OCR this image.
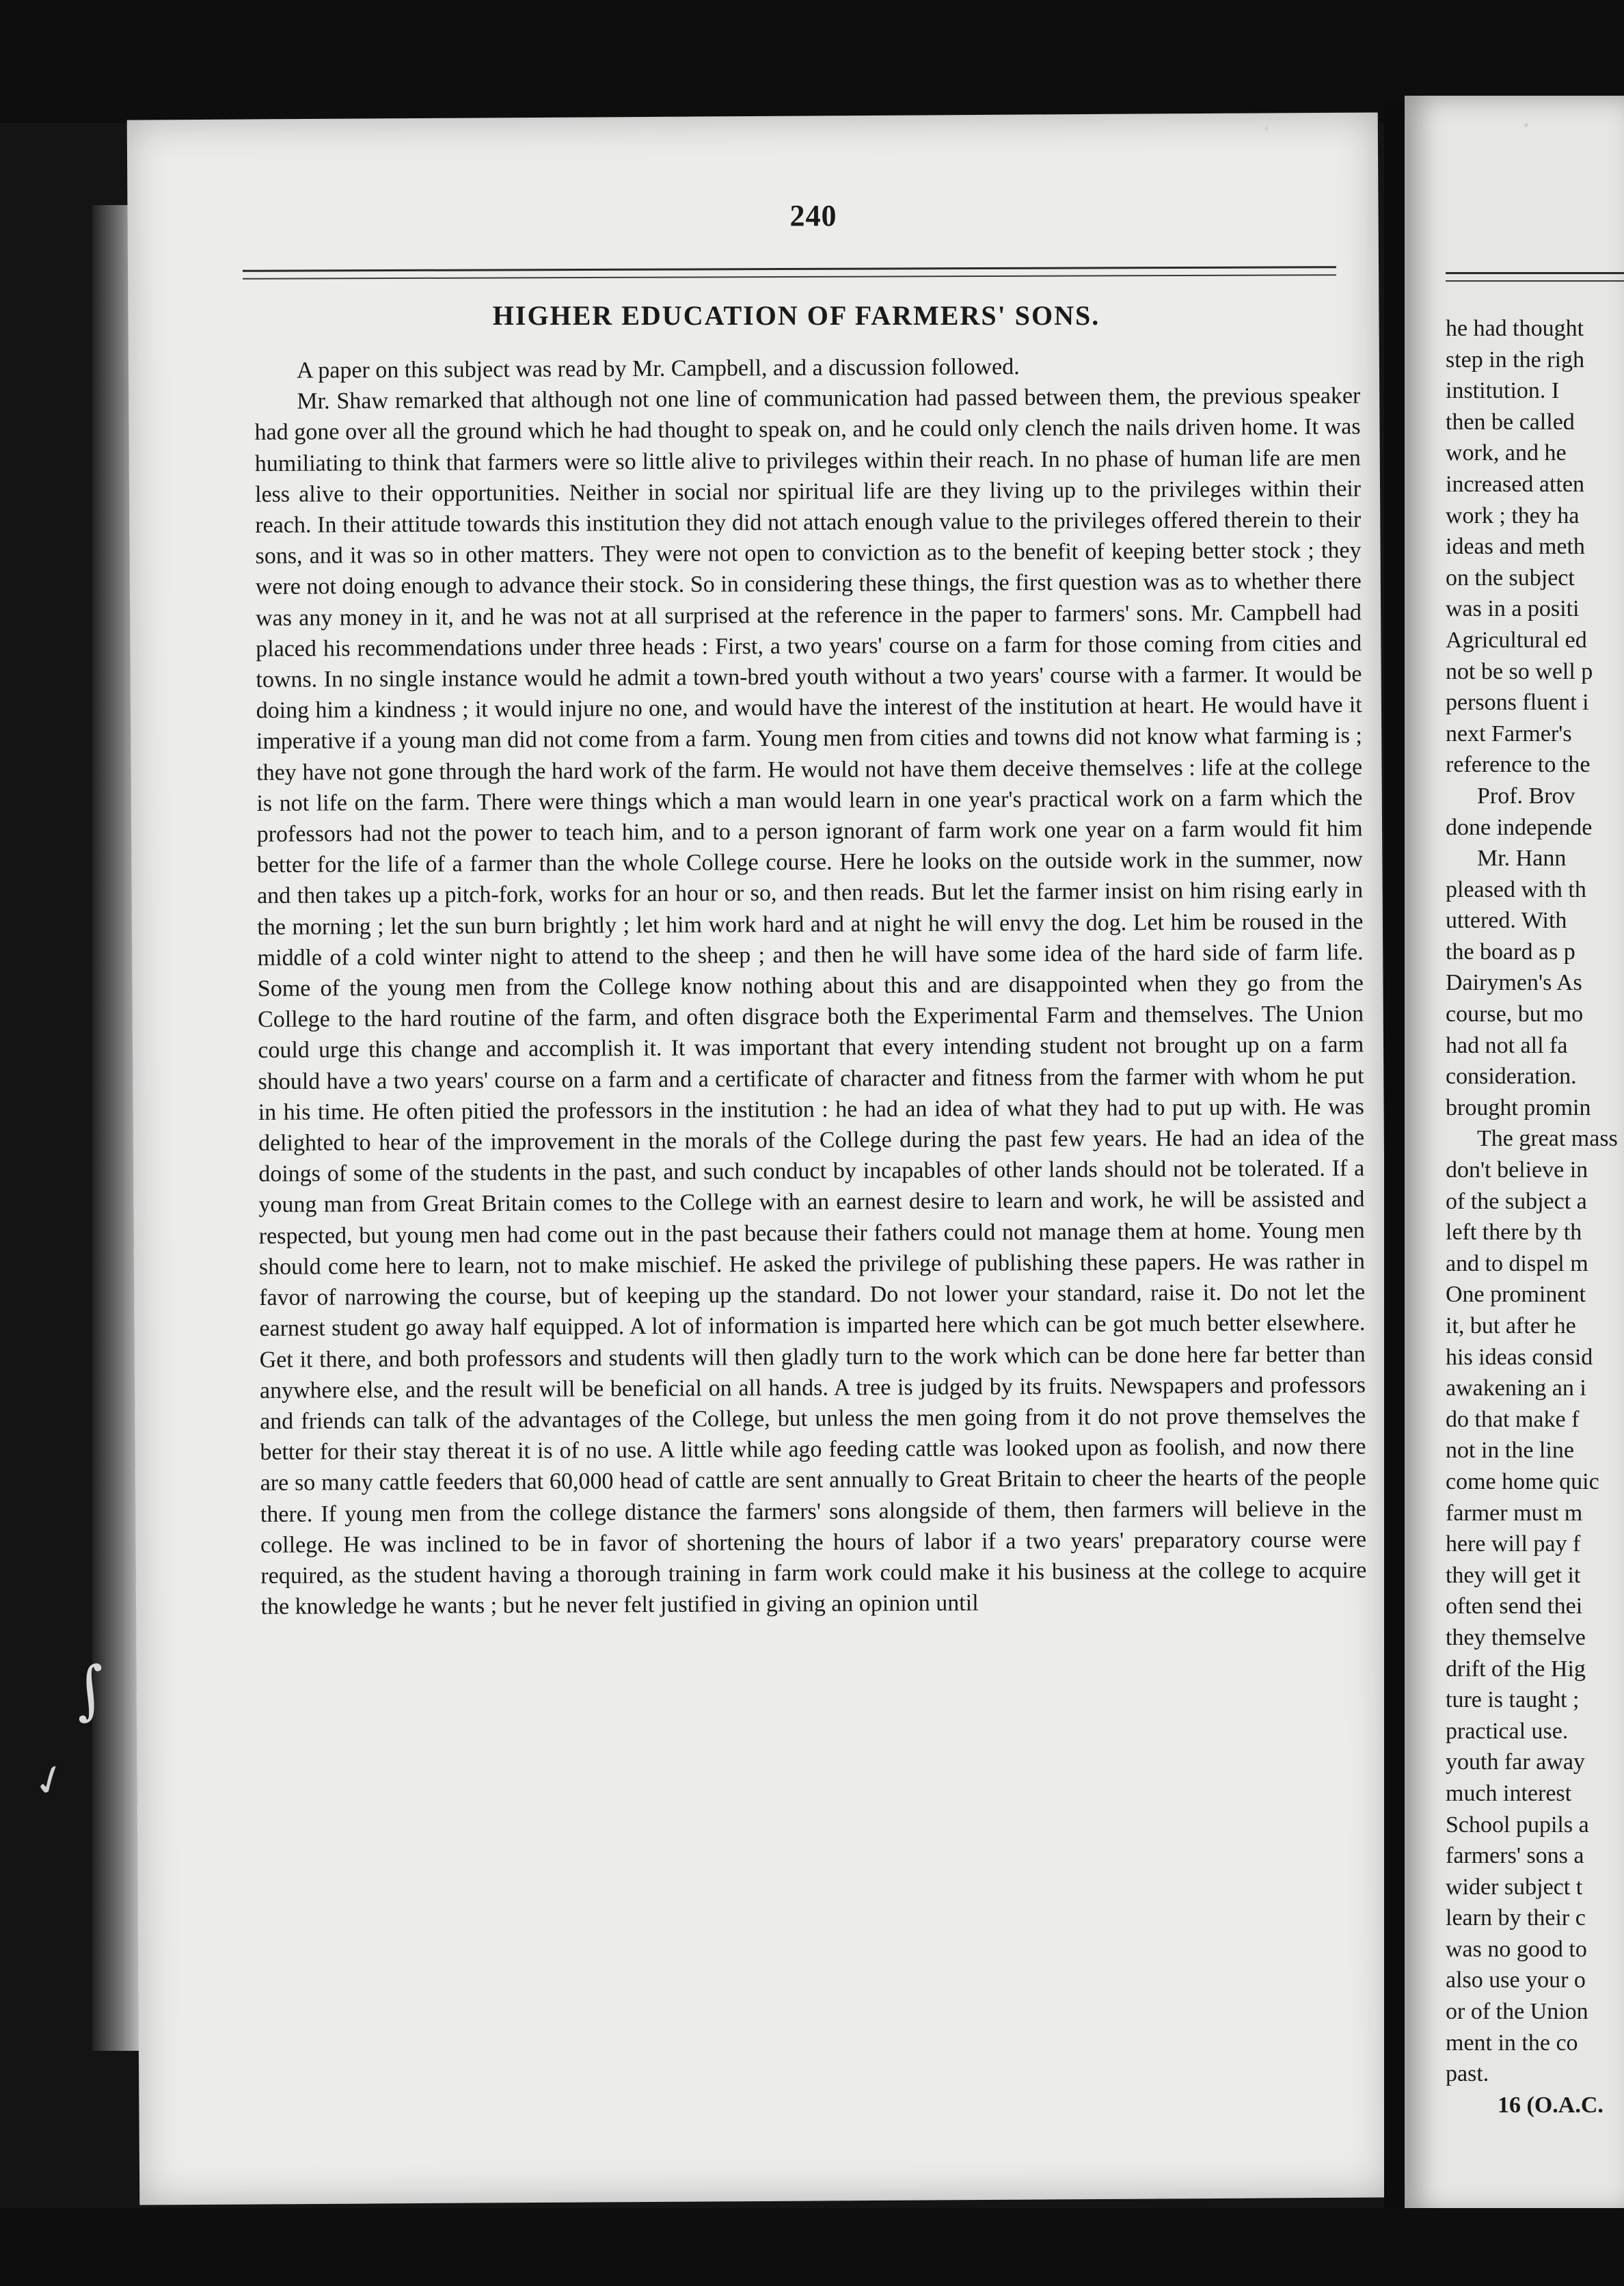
240
HIGHER EDUCATION OF FARMERS' SONS.

A paper on this subject was read by Mr. Campbell, and a discussion followed.

Mr. Shaw remarked that although not one line of communication had passed between them, the previous speaker had gone over all the ground which he had thought to speak on, and he could only clench the nails driven home. It was humiliating to think that farmers were so little alive to privileges within their reach. In no phase of human life are men less alive to their opportunities. Neither in social nor spiritual life are they living up to the privileges within their reach. In their attitude towards this institution they did not attach enough value to the privileges offered therein to their sons, and it was so in other matters. They were not open to conviction as to the benefit of keeping better stock ; they were not doing enough to advance their stock. So in considering these things, the first question was as to whether there was any money in it, and he was not at all surprised at the reference in the paper to farmers' sons. Mr. Campbell had placed his recommendations under three heads : First, a two years' course on a farm for those coming from cities and towns. In no single instance would he admit a town-bred youth without a two years' course with a farmer. It would be doing him a kindness ; it would injure no one, and would have the interest of the institution at heart. He would have it imperative if a young man did not come from a farm. Young men from cities and towns did not know what farming is ; they have not gone through the hard work of the farm. He would not have them deceive themselves : life at the college is not life on the farm. There were things which a man would learn in one year's practical work on a farm which the professors had not the power to teach him, and to a person ignorant of farm work one year on a farm would fit him better for the life of a farmer than the whole College course. Here he looks on the outside work in the summer, now and then takes up a pitch-fork, works for an hour or so, and then reads. But let the farmer insist on him rising early in the morning ; let the sun burn brightly ; let him work hard and at night he will envy the dog. Let him be roused in the middle of a cold winter night to attend to the sheep ; and then he will have some idea of the hard side of farm life. Some of the young men from the College know nothing about this and are disappointed when they go from the College to the hard routine of the farm, and often disgrace both the Experimental Farm and themselves. The Union could urge this change and accomplish it. It was important that every intending student not brought up on a farm should have a two years' course on a farm and a certificate of character and fitness from the farmer with whom he put in his time. He often pitied the professors in the institution : he had an idea of what they had to put up with. He was delighted to hear of the improvement in the morals of the College during the past few years. He had an idea of the doings of some of the students in the past, and such conduct by incapables of other lands should not be tolerated. If a young man from Great Britain comes to the College with an earnest desire to learn and work, he will be assisted and respected, but young men had come out in the past because their fathers could not manage them at home. Young men should come here to learn, not to make mischief. He asked the privilege of publishing these papers. He was rather in favor of narrowing the course, but of keeping up the standard. Do not lower your standard, raise it. Do not let the earnest student go away half equipped. A lot of information is imparted here which can be got much better elsewhere. Get it there, and both professors and students will then gladly turn to the work which can be done here far better than anywhere else, and the result will be beneficial on all hands. A tree is judged by its fruits. Newspapers and professors and friends can talk of the advantages of the College, but unless the men going from it do not prove themselves the better for their stay thereat it is of no use. A little while ago feeding cattle was looked upon as foolish, and now there are so many cattle feeders that 60,000 head of cattle are sent annually to Great Britain to cheer the hearts of the people there. If young men from the college distance the farmers' sons alongside of them, then farmers will believe in the college. He was inclined to be in favor of shortening the hours of labor if a two years' preparatory course were required, as the student having a thorough training in farm work could make it his business at the college to acquire the knowledge he wants ; but he never felt justified in giving an opinion until

he had thought
step in the righ
institution. I
then be called
work, and he
increased atten
work ; they ha
ideas and meth
on the subject
was in a positi
Agricultural ed
not be so well p
persons fluent i
next Farmer's
reference to the
Prof. Brov
done independe
Mr. Hann
pleased with th
uttered. With
the board as p
Dairymen's As
course, but mo
had not all fa
consideration.
brought promin
The great mass
don't believe in
of the subject a
left there by th
and to dispel m
One prominent
it, but after he
his ideas consid
awakening an i
do that make f
not in the line
come home quic
farmer must m
here will pay f
they will get it
often send thei
they themselve
drift of the Hig
ture is taught ;
practical use.
youth far away
much interest
School pupils a
farmers' sons a
wider subject t
learn by their c
was no good to
also use your o
or of the Union
ment in the co
past.
16 (O.A.C.
∫
✓
